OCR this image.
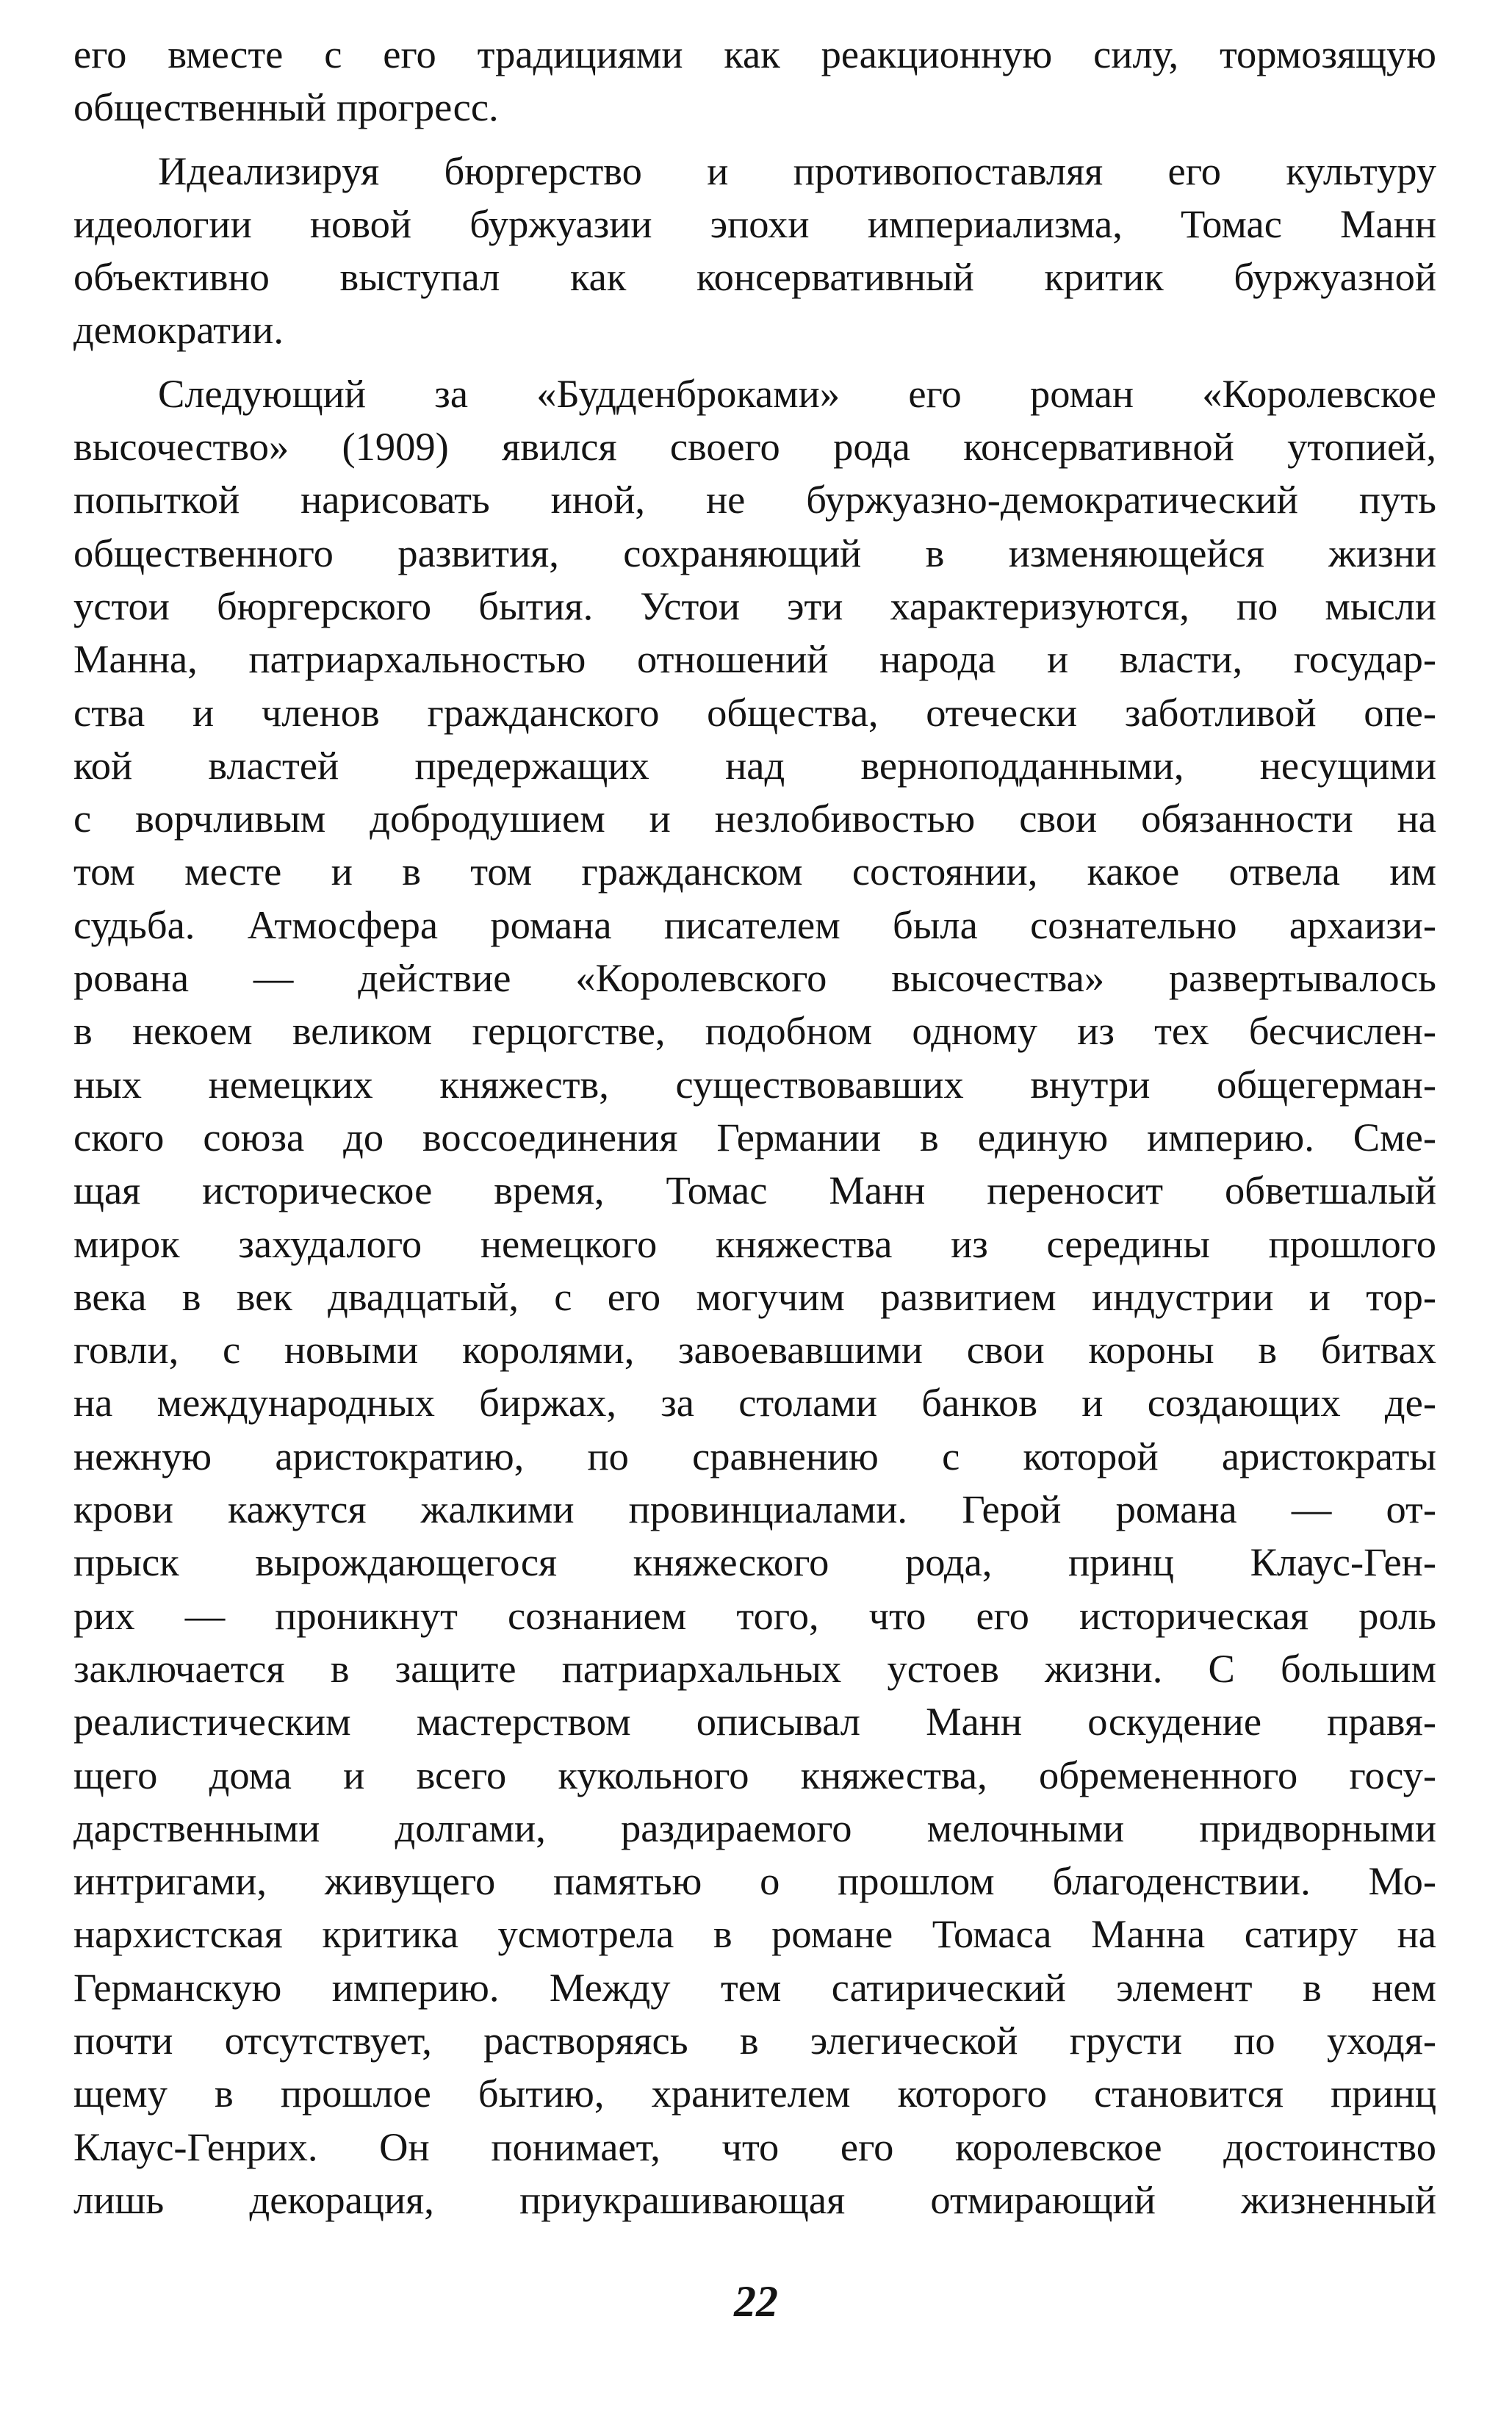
его вместе с его традициями как реакционную силу, тормозящую
общественный прогресс.
Идеализируя бюргерство и противопоставляя его культуру
идеологии новой буржуазии эпохи империализма, Томас Манн
объективно выступал как консервативный критик буржуазной
демократии.
Следующий за «Будденброками» его роман «Королевское
высочество» (1909) явился своего рода консервативной утопией,
попыткой нарисовать иной, не буржуазно-демократический путь
общественного развития, сохраняющий в изменяющейся жизни
устои бюргерского бытия. Устои эти характеризуются, по мысли
Манна, патриархальностью отношений народа и власти, государ-
ства и членов гражданского общества, отечески заботливой опе-
кой властей предержащих над верноподданными, несущими
с ворчливым добродушием и незлобивостью свои обязанности на
том месте и в том гражданском состоянии, какое отвела им
судьба. Атмосфера романа писателем была сознательно архаизи-
рована — действие «Королевского высочества» развертывалось
в некоем великом герцогстве, подобном одному из тех бесчислен-
ных немецких княжеств, существовавших внутри общегерман-
ского союза до воссоединения Германии в единую империю. Сме-
щая историческое время, Томас Манн переносит обветшалый
мирок захудалого немецкого княжества из середины прошлого
века в век двадцатый, с его могучим развитием индустрии и тор-
говли, с новыми королями, завоевавшими свои короны в битвах
на международных биржах, за столами банков и создающих де-
нежную аристократию, по сравнению с которой аристократы
крови кажутся жалкими провинциалами. Герой романа — от-
прыск вырождающегося княжеского рода, принц Клаус-Ген-
рих — проникнут сознанием того, что его историческая роль
заключается в защите патриархальных устоев жизни. С большим
реалистическим мастерством описывал Манн оскудение правя-
щего дома и всего кукольного княжества, обремененного госу-
дарственными долгами, раздираемого мелочными придворными
интригами, живущего памятью о прошлом благоденствии. Мо-
нархистская критика усмотрела в романе Томаса Манна сатиру на
Германскую империю. Между тем сатирический элемент в нем
почти отсутствует, растворяясь в элегической грусти по уходя-
щему в прошлое бытию, хранителем которого становится принц
Клаус-Генрих. Он понимает, что его королевское достоинство
лишь декорация, приукрашивающая отмирающий жизненный
22
